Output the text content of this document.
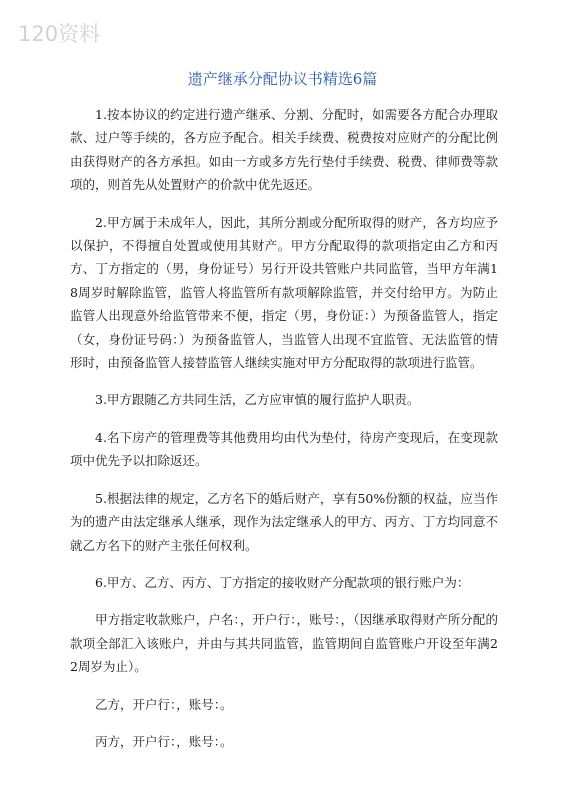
120资料
遗产继承分配协议书精选6篇

1.按本协议的约定进行遗产继承、分割、分配时，如需要各方配合办理取款、过户等手续的，各方应予配合。相关手续费、税费按对应财产的分配比例由获得财产的各方承担。如由一方或多方先行垫付手续费、税费、律师费等款项的，则首先从处置财产的价款中优先返还。

2.甲方属于未成年人，因此，其所分割或分配所取得的财产，各方均应予以保护，不得擅自处置或使用其财产。甲方分配取得的款项指定由乙方和丙方、丁方指定的（男，身份证号）另行开设共管账户共同监管，当甲方年满18周岁时解除监管，监管人将监管所有款项解除监管，并交付给甲方。为防止监管人出现意外给监管带来不便，指定（男，身份证：）为预备监管人，指定（女，身份证号码：）为预备监管人，当监管人出现不宜监管、无法监管的情形时，由预备监管人接替监管人继续实施对甲方分配取得的款项进行监管。

3.甲方跟随乙方共同生活，乙方应审慎的履行监护人职责。

4.名下房产的管理费等其他费用均由代为垫付，待房产变现后，在变现款项中优先予以扣除返还。

5.根据法律的规定，乙方名下的婚后财产，享有50%份额的权益，应当作为的遗产由法定继承人继承，现作为法定继承人的甲方、丙方、丁方均同意不就乙方名下的财产主张任何权利。

6.甲方、乙方、丙方、丁方指定的接收财产分配款项的银行账户为：

甲方指定收款账户，户名：，开户行：，账号：，（因继承取得财产所分配的款项全部汇入该账户，并由与其共同监管，监管期间自监管账户开设至年满22周岁为止）。

乙方，开户行：，账号：。

丙方，开户行：，账号：。
